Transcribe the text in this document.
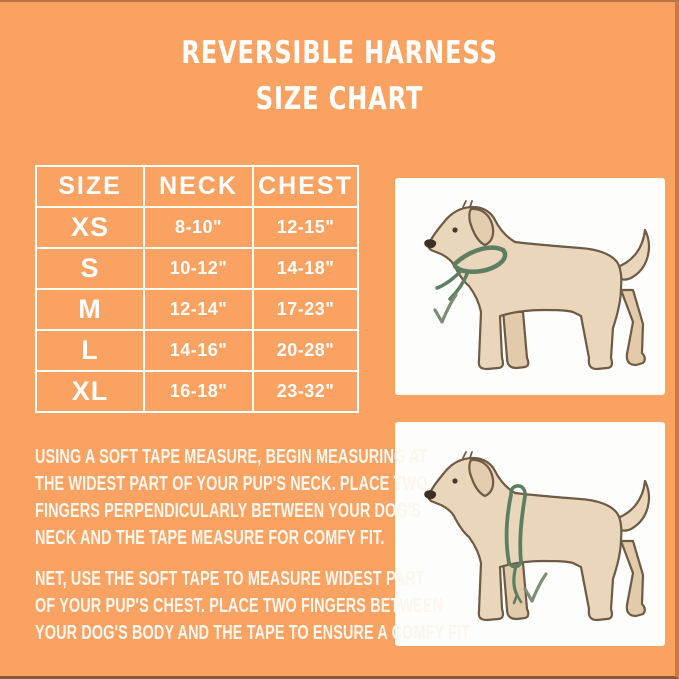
REVERSIBLE HARNESS
SIZE CHART
SIZE	NECK	CHEST
XS	8-10"	12-15"
S	10-12"	14-18"
M	12-14"	17-23"
L	14-16"	20-28"
XL	16-18"	23-32"
USING A SOFT TAPE MEASURE, BEGIN MEASURING AT
THE WIDEST PART OF YOUR PUP'S NECK. PLACE TWO
FINGERS PERPENDICULARLY BETWEEN YOUR DOG'S
NECK AND THE TAPE MEASURE FOR COMFY FIT.
NET, USE THE SOFT TAPE TO MEASURE WIDEST PART
OF YOUR PUP'S CHEST. PLACE TWO FINGERS BETWEEN
YOUR DOG'S BODY AND THE TAPE TO ENSURE A COMFY FIT
